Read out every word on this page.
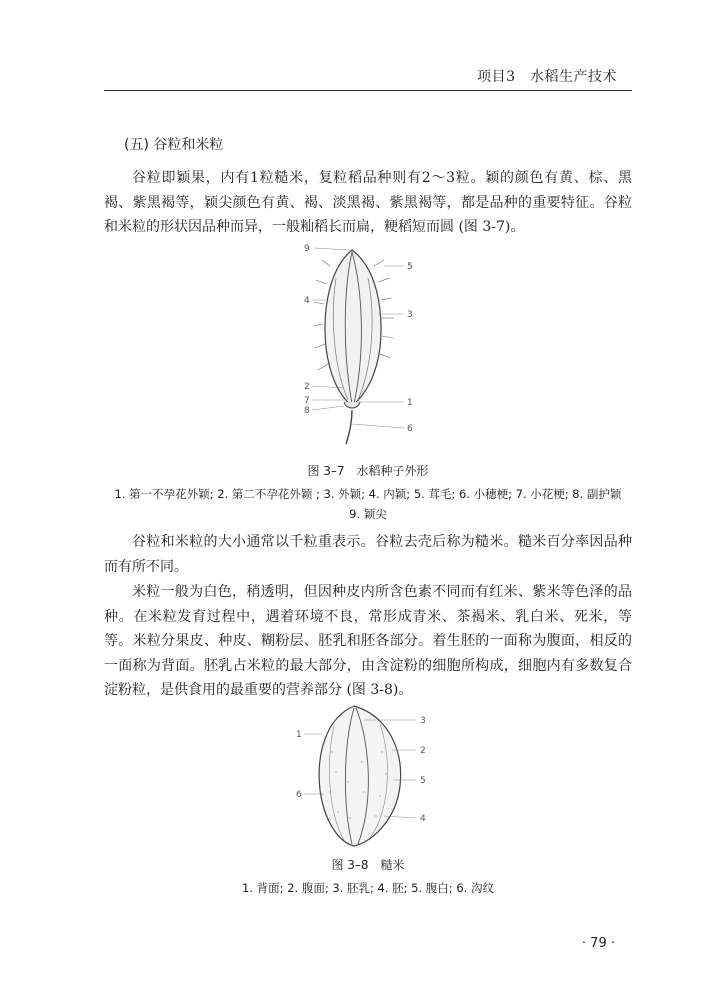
项目3　水稻生产技术
(五) 谷粒和米粒

谷粒即颖果，内有1粒糙米，复粒稻品种则有2～3粒。颖的颜色有黄、棕、黑褐、紫黑褐等，颖尖颜色有黄、褐、淡黑褐、紫黑褐等，都是品种的重要特征。谷粒和米粒的形状因品种而异，一般籼稻长而扁，粳稻短而圆 (图 3-7)。

9
5
4
3
2
7	1
8
6
图 3–7　水稻种子外形
1. 第一不孕花外颖; 2. 第二不孕花外颖 ; 3. 外颖; 4. 内颖; 5. 茸毛; 6. 小穗梗; 7. 小花梗; 8. 副护颖
9. 颖尖

谷粒和米粒的大小通常以千粒重表示。谷粒去壳后称为糙米。糙米百分率因品种而有所不同。

米粒一般为白色，稍透明，但因种皮内所含色素不同而有红米、紫米等色泽的品种。在米粒发育过程中，遇着环境不良，常形成青米、茶褐米、乳白米、死米，等等。米粒分果皮、种皮、糊粉层、胚乳和胚各部分。着生胚的一面称为腹面，相反的一面称为背面。胚乳占米粒的最大部分，由含淀粉的细胞所构成，细胞内有多数复合淀粉粒，是供食用的最重要的营养部分 (图 3-8)。

3
1
2
5
6
4
图 3–8　糙米
1. 背面; 2. 腹面; 3. 胚乳; 4. 胚; 5. 腹白; 6. 沟纹
· 79 ·
